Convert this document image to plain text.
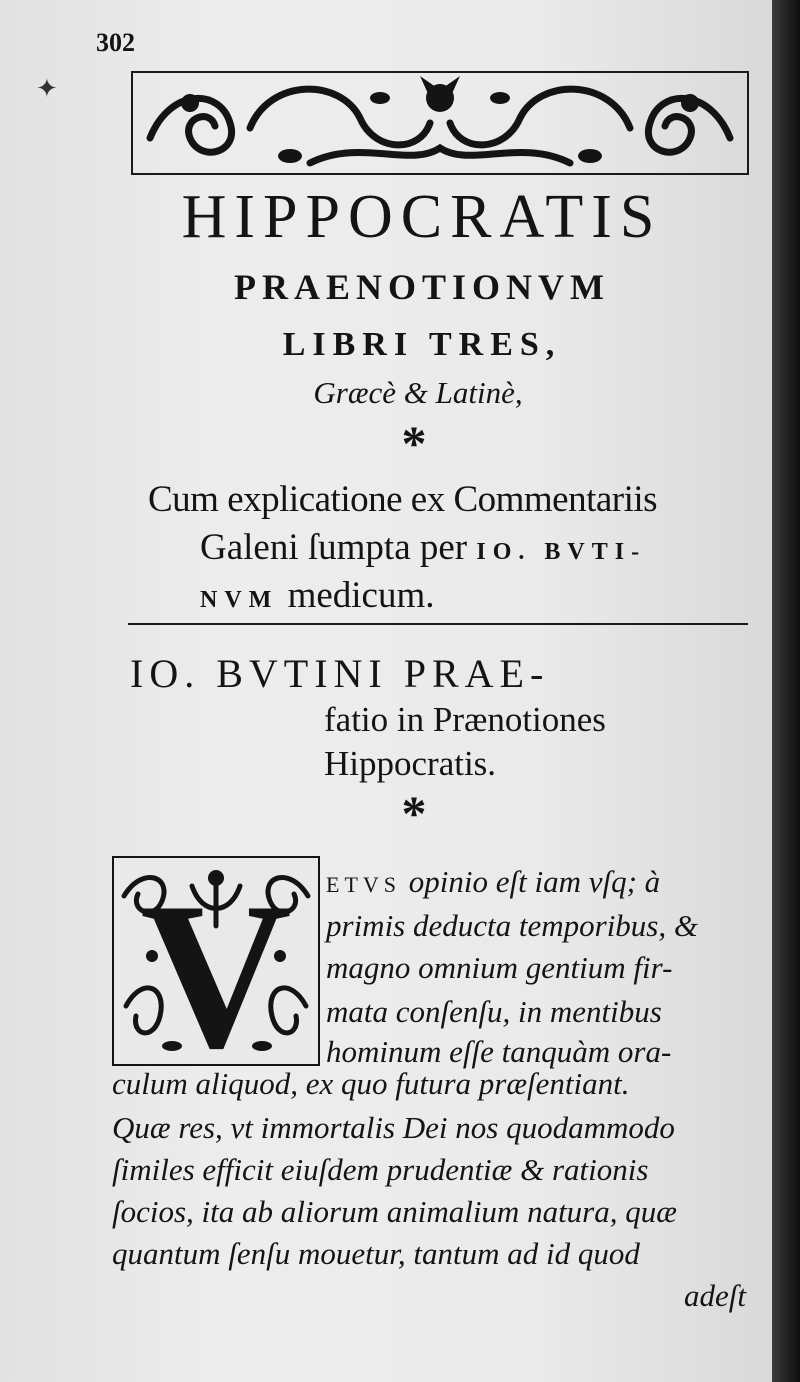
302
✦
HIPPOCRATIS
PRAENOTIONVM
LIBRI TRES,
Græcè & Latinè,
*
Cum explicatione ex Commentariis
Galeni ſumpta per IO. BVTI-
NVM medicum.
IO. BVTINI PRAE-
fatio in Prænotiones
Hippocratis.
*
V ETVS opinio eſt iam vſq; à
primis deducta temporibus, &
magno omnium gentium fir-
mata conſenſu, in mentibus
hominum eſſe tanquàm ora-
culum aliquod, ex quo futura præſentiant.
Quæ res, vt immortalis Dei nos quodammodo
ſimiles efficit eiuſdem prudentiæ & rationis
ſocios, ita ab aliorum animalium natura, quæ
quantum ſenſu mouetur, tantum ad id quod
adeſt
